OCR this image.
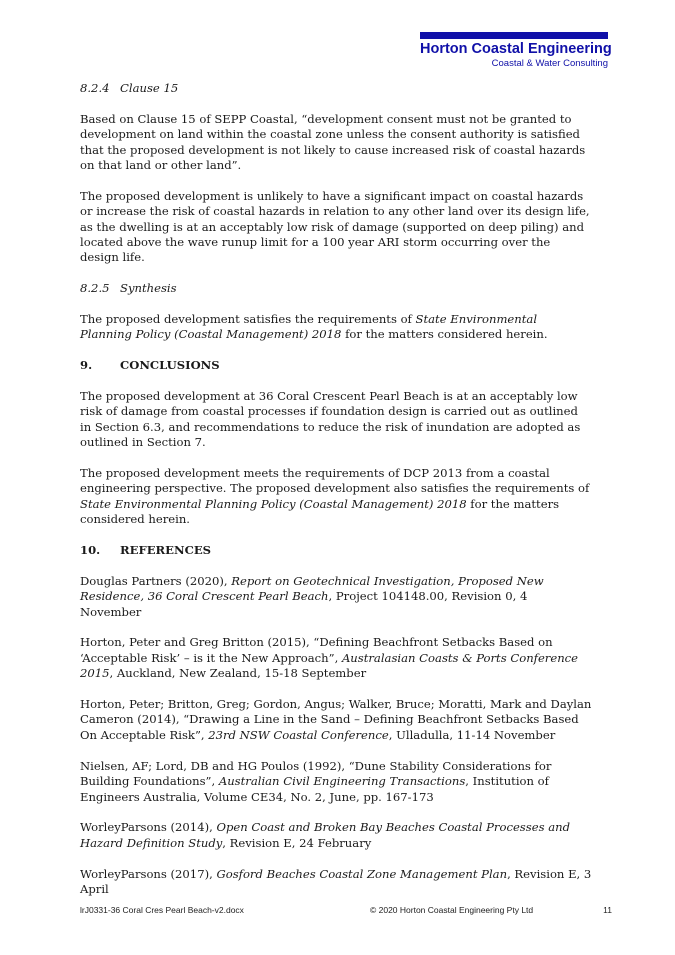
Horton Coastal Engineering
Coastal & Water Consulting

8.2.4 Clause 15

Based on Clause 15 of SEPP Coastal, “development consent must not be granted to development on land within the coastal zone unless the consent authority is satisfied that the proposed development is not likely to cause increased risk of coastal hazards on that land or other land”.

The proposed development is unlikely to have a significant impact on coastal hazards or increase the risk of coastal hazards in relation to any other land over its design life, as the dwelling is at an acceptably low risk of damage (supported on deep piling) and located above the wave runup limit for a 100 year ARI storm occurring over the design life.

8.2.5 Synthesis

The proposed development satisfies the requirements of State Environmental Planning Policy (Coastal Management) 2018 for the matters considered herein.

9. CONCLUSIONS

The proposed development at 36 Coral Crescent Pearl Beach is at an acceptably low risk of damage from coastal processes if foundation design is carried out as outlined in Section 6.3, and recommendations to reduce the risk of inundation are adopted as outlined in Section 7.

The proposed development meets the requirements of DCP 2013 from a coastal engineering perspective. The proposed development also satisfies the requirements of State Environmental Planning Policy (Coastal Management) 2018 for the matters considered herein.

10. REFERENCES

Douglas Partners (2020), Report on Geotechnical Investigation, Proposed New Residence, 36 Coral Crescent Pearl Beach, Project 104148.00, Revision 0, 4 November

Horton, Peter and Greg Britton (2015), “Defining Beachfront Setbacks Based on ‘Acceptable Risk’ – is it the New Approach”, Australasian Coasts & Ports Conference 2015, Auckland, New Zealand, 15-18 September

Horton, Peter; Britton, Greg; Gordon, Angus; Walker, Bruce; Moratti, Mark and Daylan Cameron (2014), “Drawing a Line in the Sand – Defining Beachfront Setbacks Based On Acceptable Risk”, 23rd NSW Coastal Conference, Ulladulla, 11-14 November

Nielsen, AF; Lord, DB and HG Poulos (1992), “Dune Stability Considerations for Building Foundations”, Australian Civil Engineering Transactions, Institution of Engineers Australia, Volume CE34, No. 2, June, pp. 167-173

WorleyParsons (2014), Open Coast and Broken Bay Beaches Coastal Processes and Hazard Definition Study, Revision E, 24 February

WorleyParsons (2017), Gosford Beaches Coastal Zone Management Plan, Revision E, 3 April

lrJ0331-36 Coral Cres Pearl Beach-v2.docx	© 2020 Horton Coastal Engineering Pty Ltd	11
